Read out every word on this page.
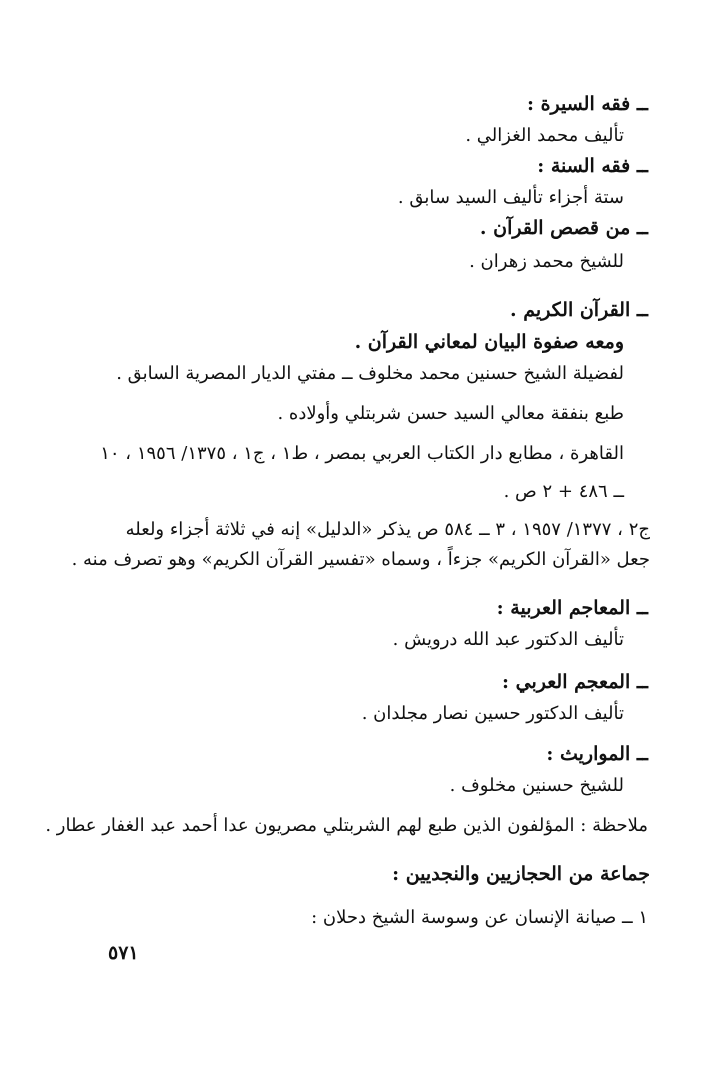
ــ فقه السيرة :
تأليف محمد الغزالي .
ــ فقه السنة :
ستة أجزاء تأليف السيد سابق .
ــ من قصص القرآن .
للشيخ محمد زهران .
ــ القرآن الكريم .
ومعه صفوة البيان لمعاني القرآن .
لفضيلة الشيخ حسنين محمد مخلوف ــ مفتي الديار المصرية السابق .
طبع بنفقة معالي السيد حسن شربتلي وأولاده .
القاهرة ، مطابع دار الكتاب العربي بمصر ، ط١ ، ج١ ، ١٣٧٥/ ١٩٥٦ ، ١٠
ــ ٤٨٦ + ٢ ص .
ج٢ ، ١٣٧٧/ ١٩٥٧ ، ٣ ــ ٥٨٤ ص يذكر «الدليل» إنه في ثلاثة أجزاء ولعله
جعل «القرآن الكريم» جزءاً ، وسماه «تفسير القرآن الكريم» وهو تصرف منه .
ــ المعاجم العربية :
تأليف الدكتور عبد الله درويش .
ــ المعجم العربي :
تأليف الدكتور حسين نصار مجلدان .
ــ المواريث :
للشيخ حسنين مخلوف .
ملاحظة : المؤلفون الذين طبع لهم الشربتلي مصريون عدا أحمد عبد الغفار عطار .
جماعة من الحجازيين والنجديين :
١ ــ صيانة الإنسان عن وسوسة الشيخ دحلان :
٥٧١
